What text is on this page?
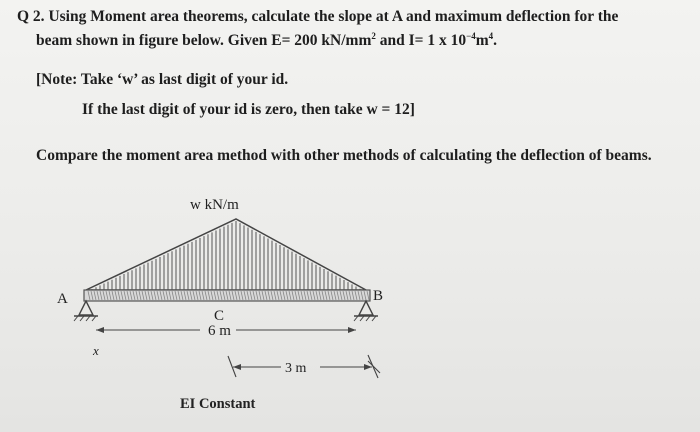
Q 2. Using Moment area theorems, calculate the slope at A and maximum deflection for the
beam shown in figure below. Given E= 200 $kN/mm^2$ and I= 1 x $10^{-4}m^4$.
[Note: Take ‘w’ as last digit of your id.
If the last digit of your id is zero, then take w = 12]
Compare the moment area method with other methods of calculating the deflection of beams.
w kN/m
A	B
C
6 m
x
3 m
EI Constant
